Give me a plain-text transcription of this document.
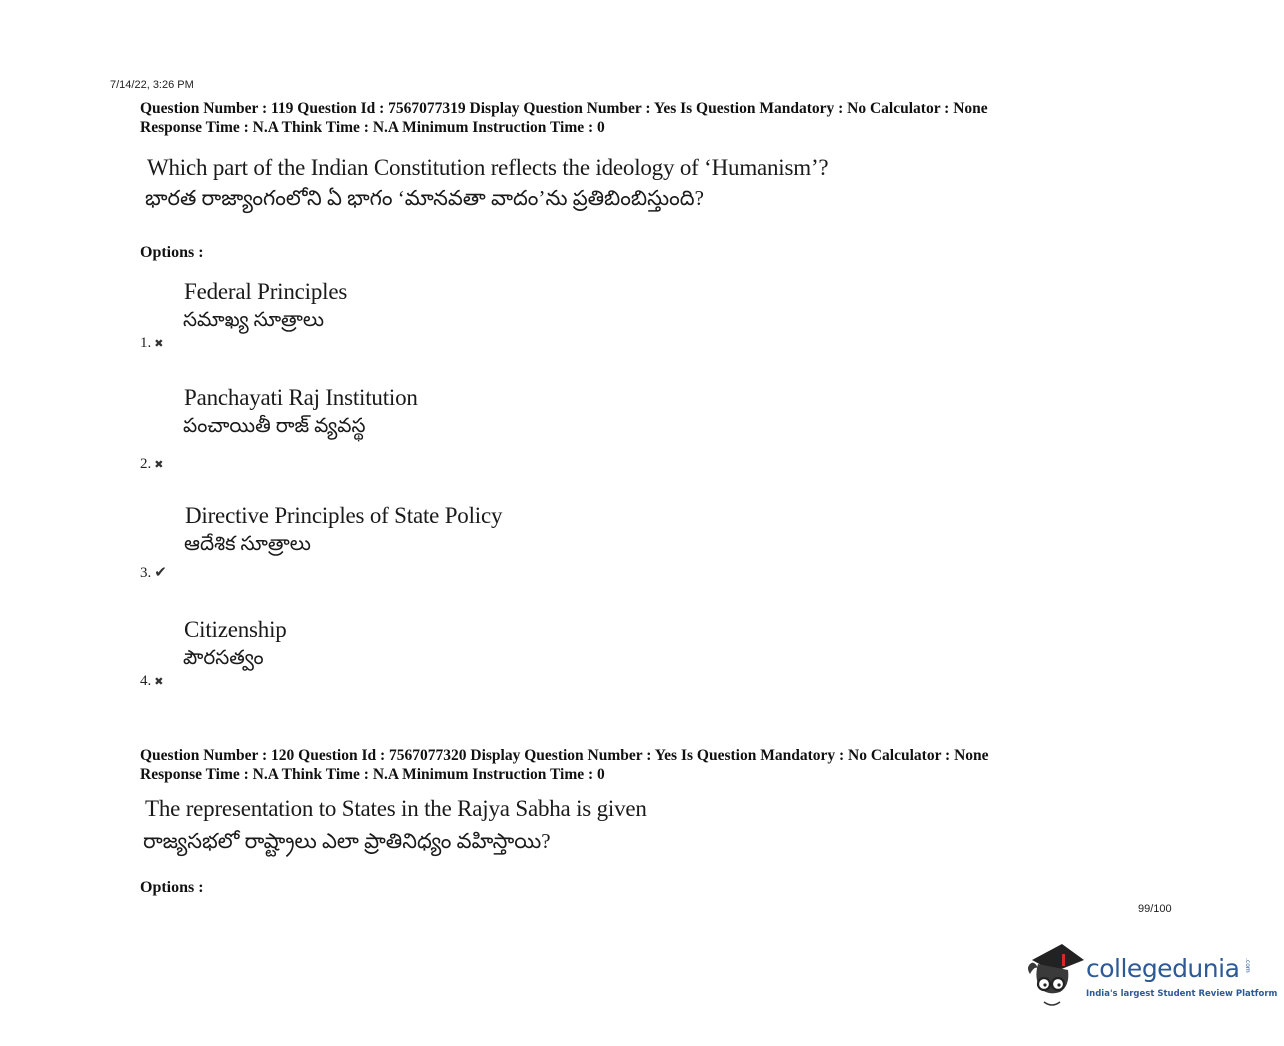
7/14/22, 3:26 PM
Question Number : 119 Question Id : 7567077319 Display Question Number : Yes Is Question Mandatory : No Calculator : None
Response Time : N.A Think Time : N.A Minimum Instruction Time : 0
Which part of the Indian Constitution reflects the ideology of ‘Humanism’?
భారత రాజ్యాంగంలోని ఏ భాగం ‘మానవతా వాదం’ను ప్రతిబింబిస్తుంది?
Options :
Federal Principles
సమాఖ్య సూత్రాలు
1. ✖
Panchayati Raj Institution
పంచాయితీ రాజ్ వ్యవస్థ
2. ✖
Directive Principles of State Policy
ఆదేశిక సూత్రాలు
3. ✔
Citizenship
పౌరసత్వం
4. ✖
Question Number : 120 Question Id : 7567077320 Display Question Number : Yes Is Question Mandatory : No Calculator : None
Response Time : N.A Think Time : N.A Minimum Instruction Time : 0
The representation to States in the Rajya Sabha is given
రాజ్యసభలో రాష్ట్రాలు ఎలా ప్రాతినిధ్యం వహిస్తాయి?
Options :
99/100
collegedunia .com
India's largest Student Review Platform
